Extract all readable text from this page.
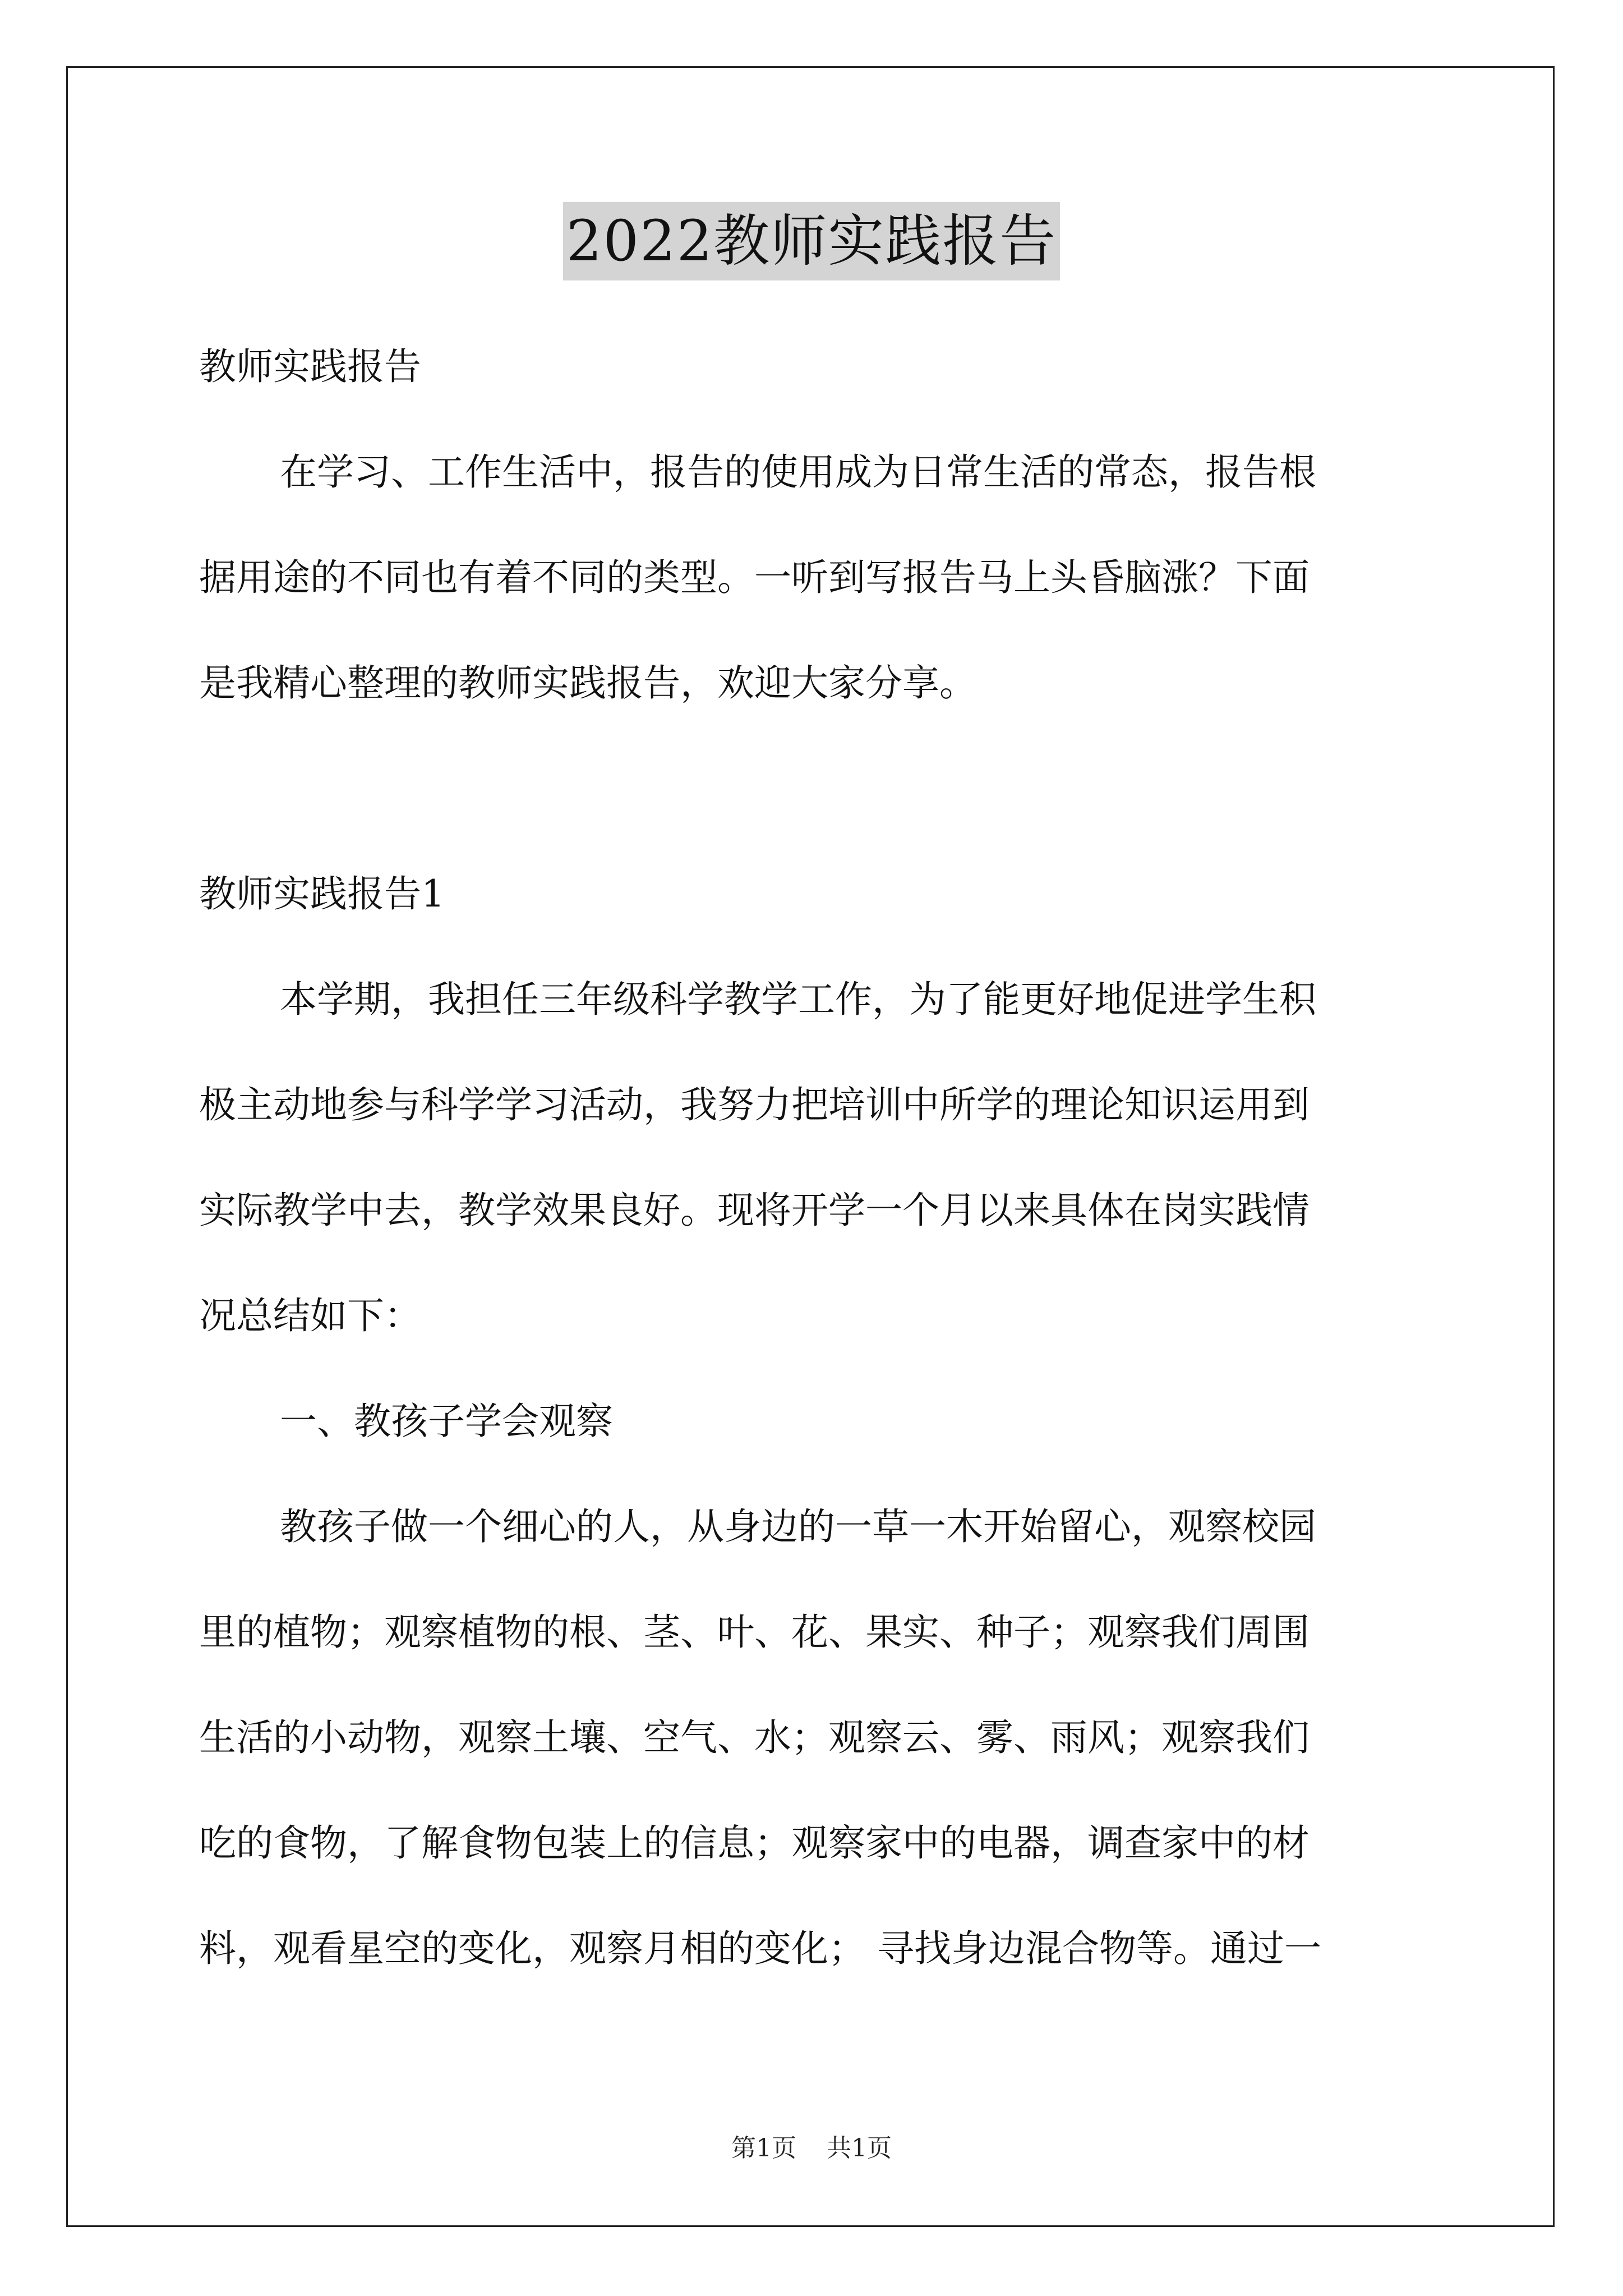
2022教师实践报告
教师实践报告
在学习、工作生活中，报告的使用成为日常生活的常态，报告根
据用途的不同也有着不同的类型。一听到写报告马上头昏脑涨？下面
是我精心整理的教师实践报告，欢迎大家分享。
教师实践报告1
本学期，我担任三年级科学教学工作，为了能更好地促进学生积
极主动地参与科学学习活动，我努力把培训中所学的理论知识运用到
实际教学中去，教学效果良好。现将开学一个月以来具体在岗实践情
况总结如下：
一、教孩子学会观察
教孩子做一个细心的人，从身边的一草一木开始留心，观察校园
里的植物；观察植物的根、茎、叶、花、果实、种子；观察我们周围
生活的小动物，观察土壤、空气、水；观察云、雾、雨风；观察我们
吃的食物，了解食物包装上的信息；观察家中的电器，调查家中的材
料，观看星空的变化，观察月相的变化； 寻找身边混合物等。通过一
第1页 共1页
